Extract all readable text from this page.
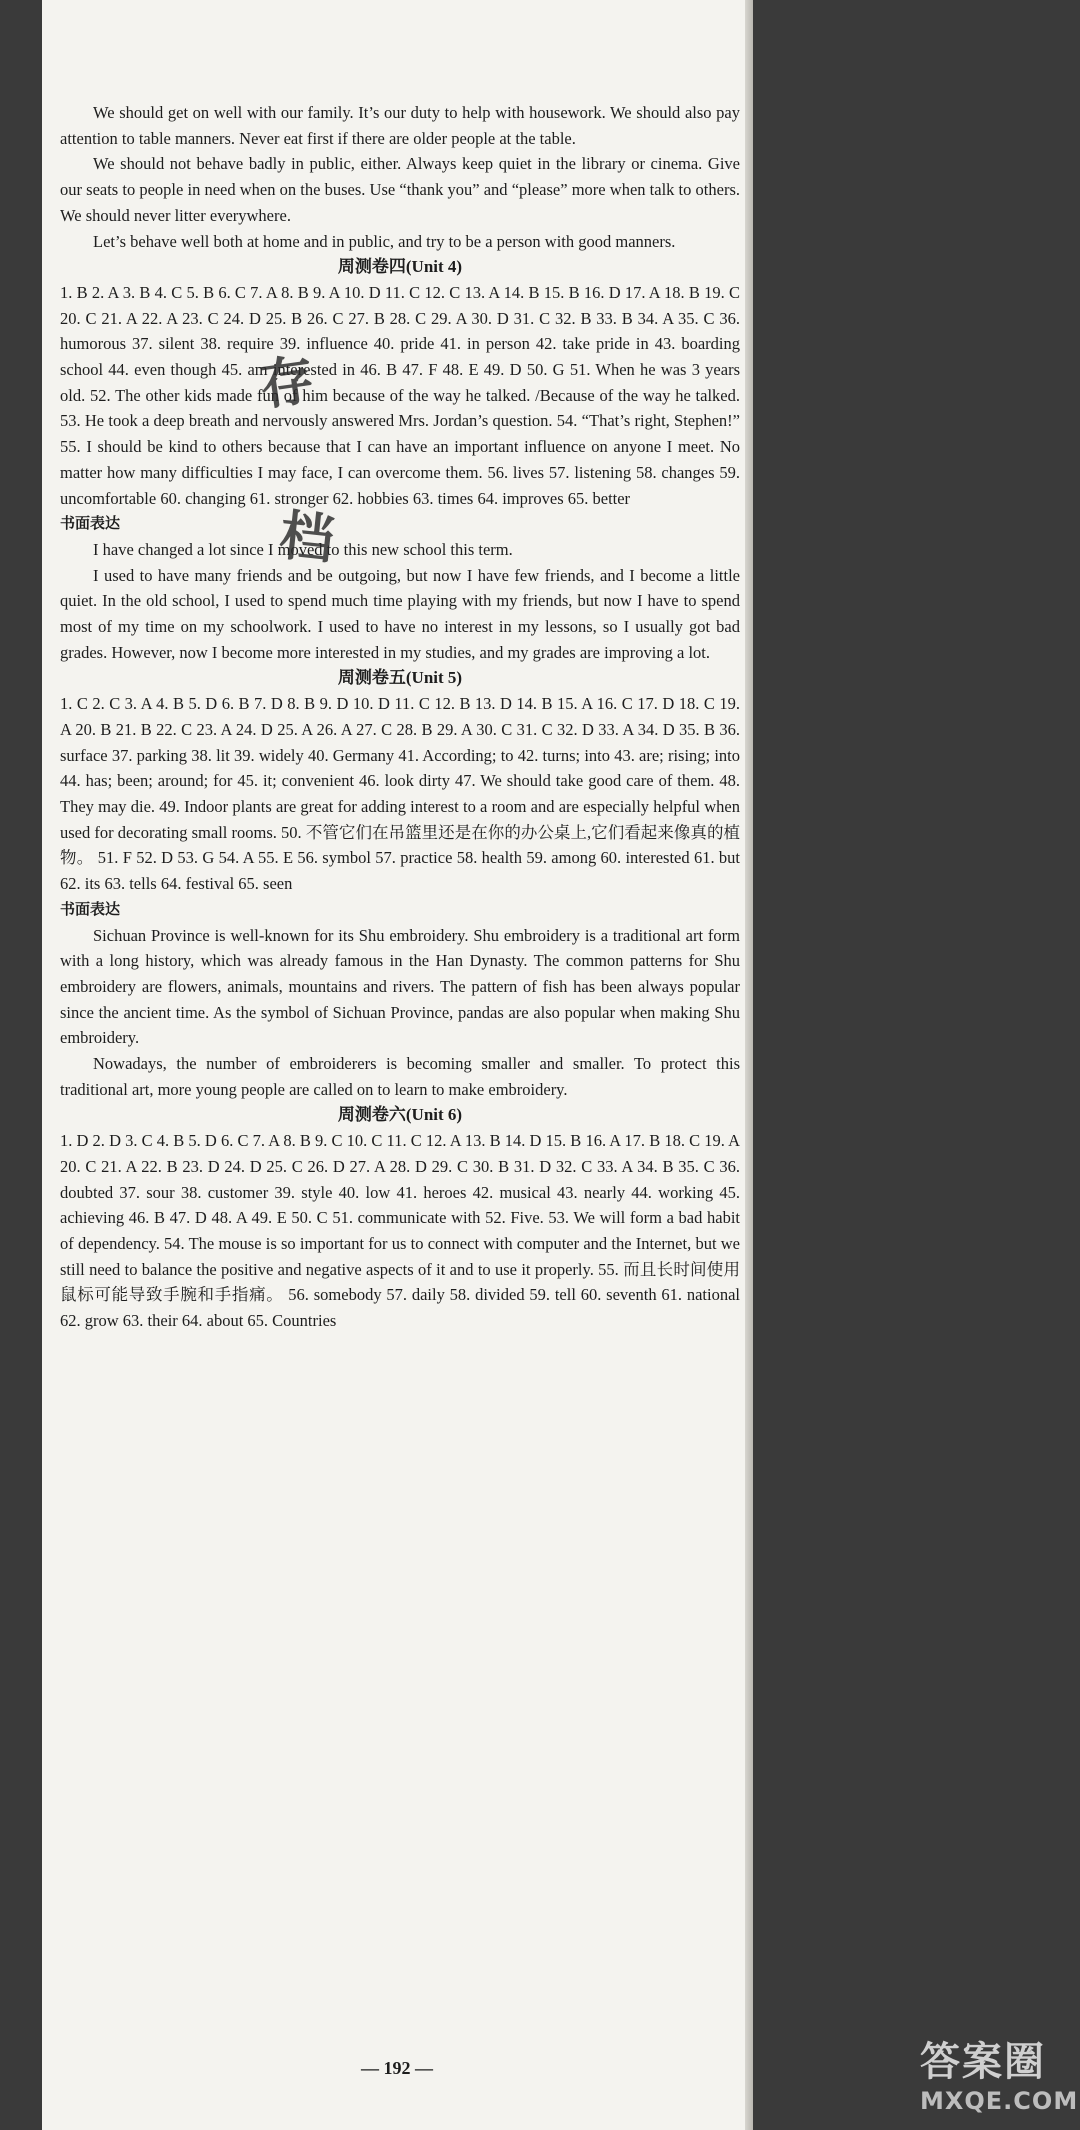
We should get on well with our family. It’s our duty to help with housework. We should also pay attention to table manners. Never eat first if there are older people at the table.

We should not behave badly in public, either. Always keep quiet in the library or cinema. Give our seats to people in need when on the buses. Use “thank you” and “please” more when talk to others. We should never litter everywhere.

Let’s behave well both at home and in public, and try to be a person with good manners.

周测卷四(Unit 4)

1. B 2. A 3. B 4. C 5. B 6. C 7. A 8. B 9. A 10. D 11. C 12. C 13. A 14. B 15. B 16. D 17. A 18. B 19. C 20. C 21. A 22. A 23. C 24. D 25. B 26. C 27. B 28. C 29. A 30. D 31. C 32. B 33. B 34. A 35. C 36. humorous 37. silent 38. require 39. influence 40. pride 41. in person 42. take pride in 43. boarding school 44. even though 45. am interested in 46. B 47. F 48. E 49. D 50. G 51. When he was 3 years old. 52. The other kids made fun of him because of the way he talked. /Because of the way he talked. 53. He took a deep breath and nervously answered Mrs. Jordan’s question. 54. “That’s right, Stephen!” 55. I should be kind to others because that I can have an important influence on anyone I meet. No matter how many difficulties I may face, I can overcome them. 56. lives 57. listening 58. changes 59. uncomfortable 60. changing 61. stronger 62. hobbies 63. times 64. improves 65. better

书面表达

I have changed a lot since I moved to this new school this term.

I used to have many friends and be outgoing, but now I have few friends, and I become a little quiet. In the old school, I used to spend much time playing with my friends, but now I have to spend most of my time on my schoolwork. I used to have no interest in my lessons, so I usually got bad grades. However, now I become more interested in my studies, and my grades are improving a lot.

周测卷五(Unit 5)

1. C 2. C 3. A 4. B 5. D 6. B 7. D 8. B 9. D 10. D 11. C 12. B 13. D 14. B 15. A 16. C 17. D 18. C 19. A 20. B 21. B 22. C 23. A 24. D 25. A 26. A 27. C 28. B 29. A 30. C 31. C 32. D 33. A 34. D 35. B 36. surface 37. parking 38. lit 39. widely 40. Germany 41. According; to 42. turns; into 43. are; rising; into 44. has; been; around; for 45. it; convenient 46. look dirty 47. We should take good care of them. 48. They may die. 49. Indoor plants are great for adding interest to a room and are especially helpful when used for decorating small rooms. 50. 不管它们在吊篮里还是在你的办公桌上,它们看起来像真的植物。 51. F 52. D 53. G 54. A 55. E 56. symbol 57. practice 58. health 59. among 60. interested 61. but 62. its 63. tells 64. festival 65. seen

书面表达

Sichuan Province is well-known for its Shu embroidery. Shu embroidery is a traditional art form with a long history, which was already famous in the Han Dynasty. The common patterns for Shu embroidery are flowers, animals, mountains and rivers. The pattern of fish has been always popular since the ancient time. As the symbol of Sichuan Province, pandas are also popular when making Shu embroidery.

Nowadays, the number of embroiderers is becoming smaller and smaller. To protect this traditional art, more young people are called on to learn to make embroidery.

周测卷六(Unit 6)

1. D 2. D 3. C 4. B 5. D 6. C 7. A 8. B 9. C 10. C 11. C 12. A 13. B 14. D 15. B 16. A 17. B 18. C 19. A 20. C 21. A 22. B 23. D 24. D 25. C 26. D 27. A 28. D 29. C 30. B 31. D 32. C 33. A 34. B 35. C 36. doubted 37. sour 38. customer 39. style 40. low 41. heroes 42. musical 43. nearly 44. working 45. achieving 46. B 47. D 48. A 49. E 50. C 51. communicate with 52. Five. 53. We will form a bad habit of dependency. 54. The mouse is so important for us to connect with computer and the Internet, but we still need to balance the positive and negative aspects of it and to use it properly. 55. 而且长时间使用鼠标可能导致手腕和手指痛。 56. somebody 57. daily 58. divided 59. tell 60. seventh 61. national 62. grow 63. their 64. about 65. Countries

存
档
— 192 —	答案圈
MXQE.COM
